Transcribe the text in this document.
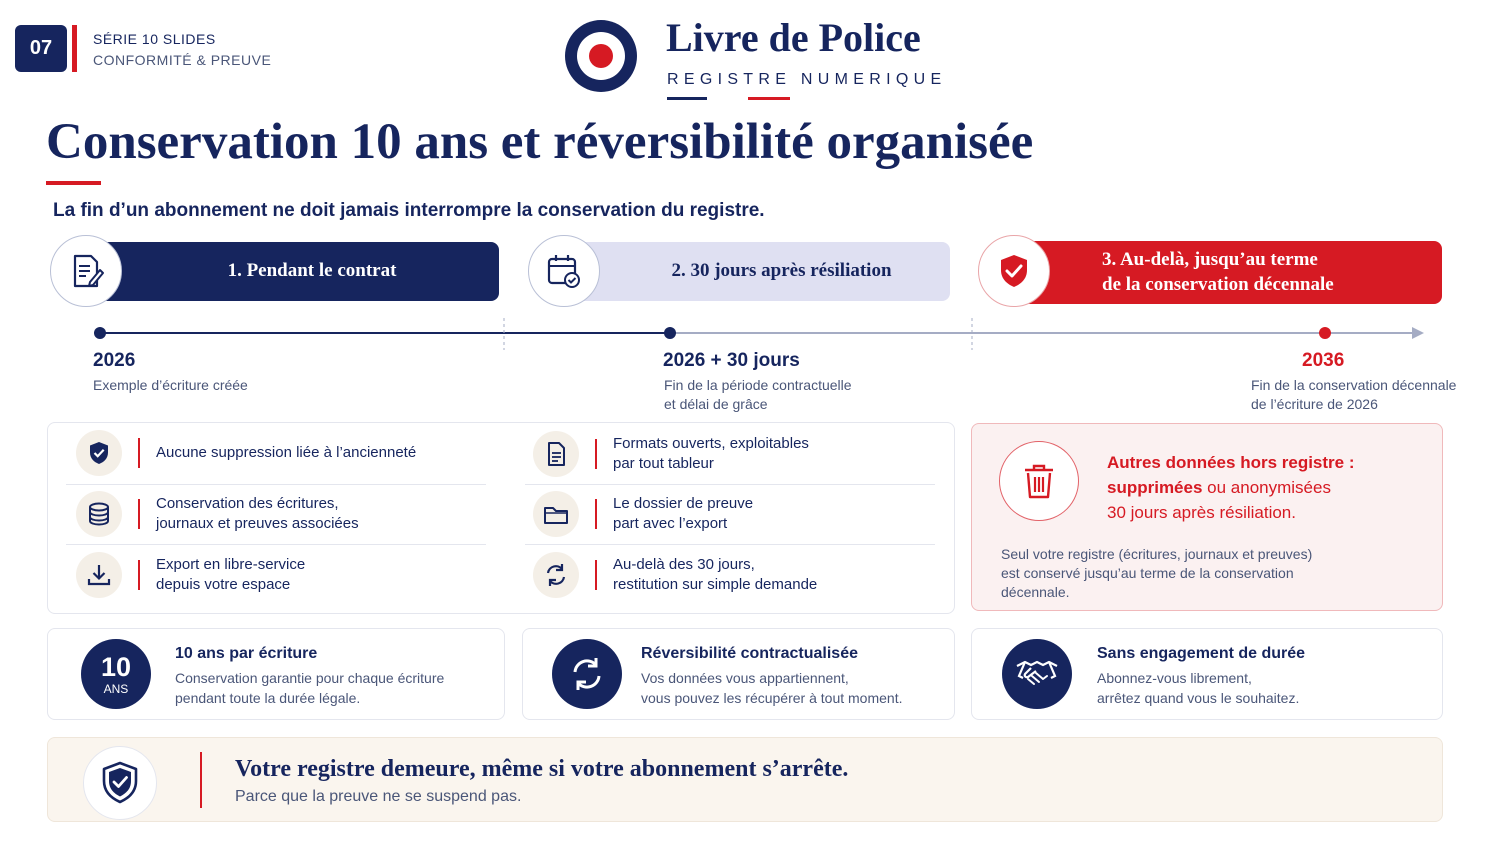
07	SÉRIE 10 SLIDES
CONFORMITÉ & PREUVE	Livre de Police
REGISTRE NUMERIQUE
Conservation 10 ans et réversibilité organisée
La fin d’un abonnement ne doit jamais interrompre la conservation du registre.
1. Pendant le contrat	2. 30 jours après résiliation
3. Au-delà, jusqu’au terme
de la conservation décennale
2026
Exemple d’écriture créée
2026 + 30 jours
Fin de la période contractuelle
et délai de grâce
2036
Fin de la conservation décennale
de l’écriture de 2026
Aucune suppression liée à l’ancienneté
Conservation des écritures,
journaux et preuves associées
Export en libre-service
depuis votre espace
Formats ouverts, exploitables
par tout tableur
Le dossier de preuve
part avec l’export
Au-delà des 30 jours,
restitution sur simple demande
Autres données hors registre :
supprimées ou anonymisées
30 jours après résiliation.
Seul votre registre (écritures, journaux et preuves)
est conservé jusqu’au terme de la conservation
décennale.
10
ANS
10 ans par écriture
Conservation garantie pour chaque écriture
pendant toute la durée légale.
Réversibilité contractualisée
Vos données vous appartiennent,
vous pouvez les récupérer à tout moment.
Sans engagement de durée
Abonnez-vous librement,
arrêtez quand vous le souhaitez.
Votre registre demeure, même si votre abonnement s’arrête.
Parce que la preuve ne se suspend pas.
